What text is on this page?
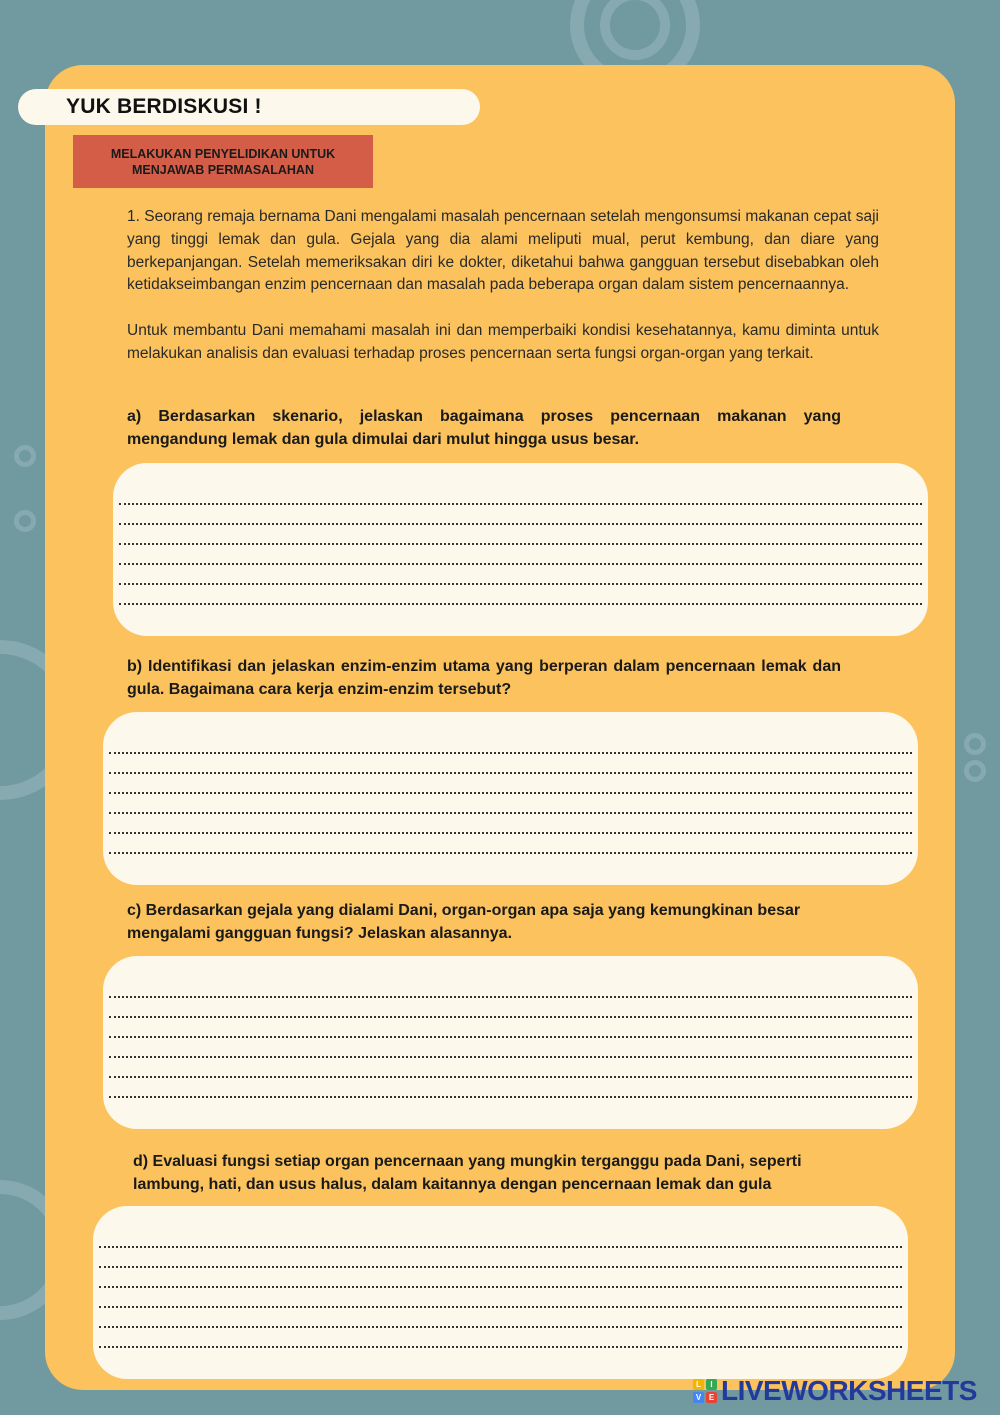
YUK BERDISKUSI !
MELAKUKAN PENYELIDIKAN UNTUK
MENJAWAB PERMASALAHAN

1. Seorang remaja bernama Dani mengalami masalah pencernaan setelah mengonsumsi makanan cepat saji yang tinggi lemak dan gula. Gejala yang dia alami meliputi mual, perut kembung, dan diare yang berkepanjangan. Setelah memeriksakan diri ke dokter, diketahui bahwa gangguan tersebut disebabkan oleh ketidakseimbangan enzim pencernaan dan masalah pada beberapa organ dalam sistem pencernaannya.

Untuk membantu Dani memahami masalah ini dan memperbaiki kondisi kesehatannya, kamu diminta untuk melakukan analisis dan evaluasi terhadap proses pencernaan serta fungsi organ-organ yang terkait.

a) Berdasarkan skenario, jelaskan bagaimana proses pencernaan makanan yang mengandung lemak dan gula dimulai dari mulut hingga usus besar.

b) Identifikasi dan jelaskan enzim-enzim utama yang berperan dalam pencernaan lemak dan gula. Bagaimana cara kerja enzim-enzim tersebut?

c) Berdasarkan gejala yang dialami Dani, organ-organ apa saja yang kemungkinan besar mengalami gangguan fungsi? Jelaskan alasannya.

d) Evaluasi fungsi setiap organ pencernaan yang mungkin terganggu pada Dani, seperti lambung, hati, dan usus halus, dalam kaitannya dengan pencernaan lemak dan gula

L	I
V E LIVEWORKSHEETS
